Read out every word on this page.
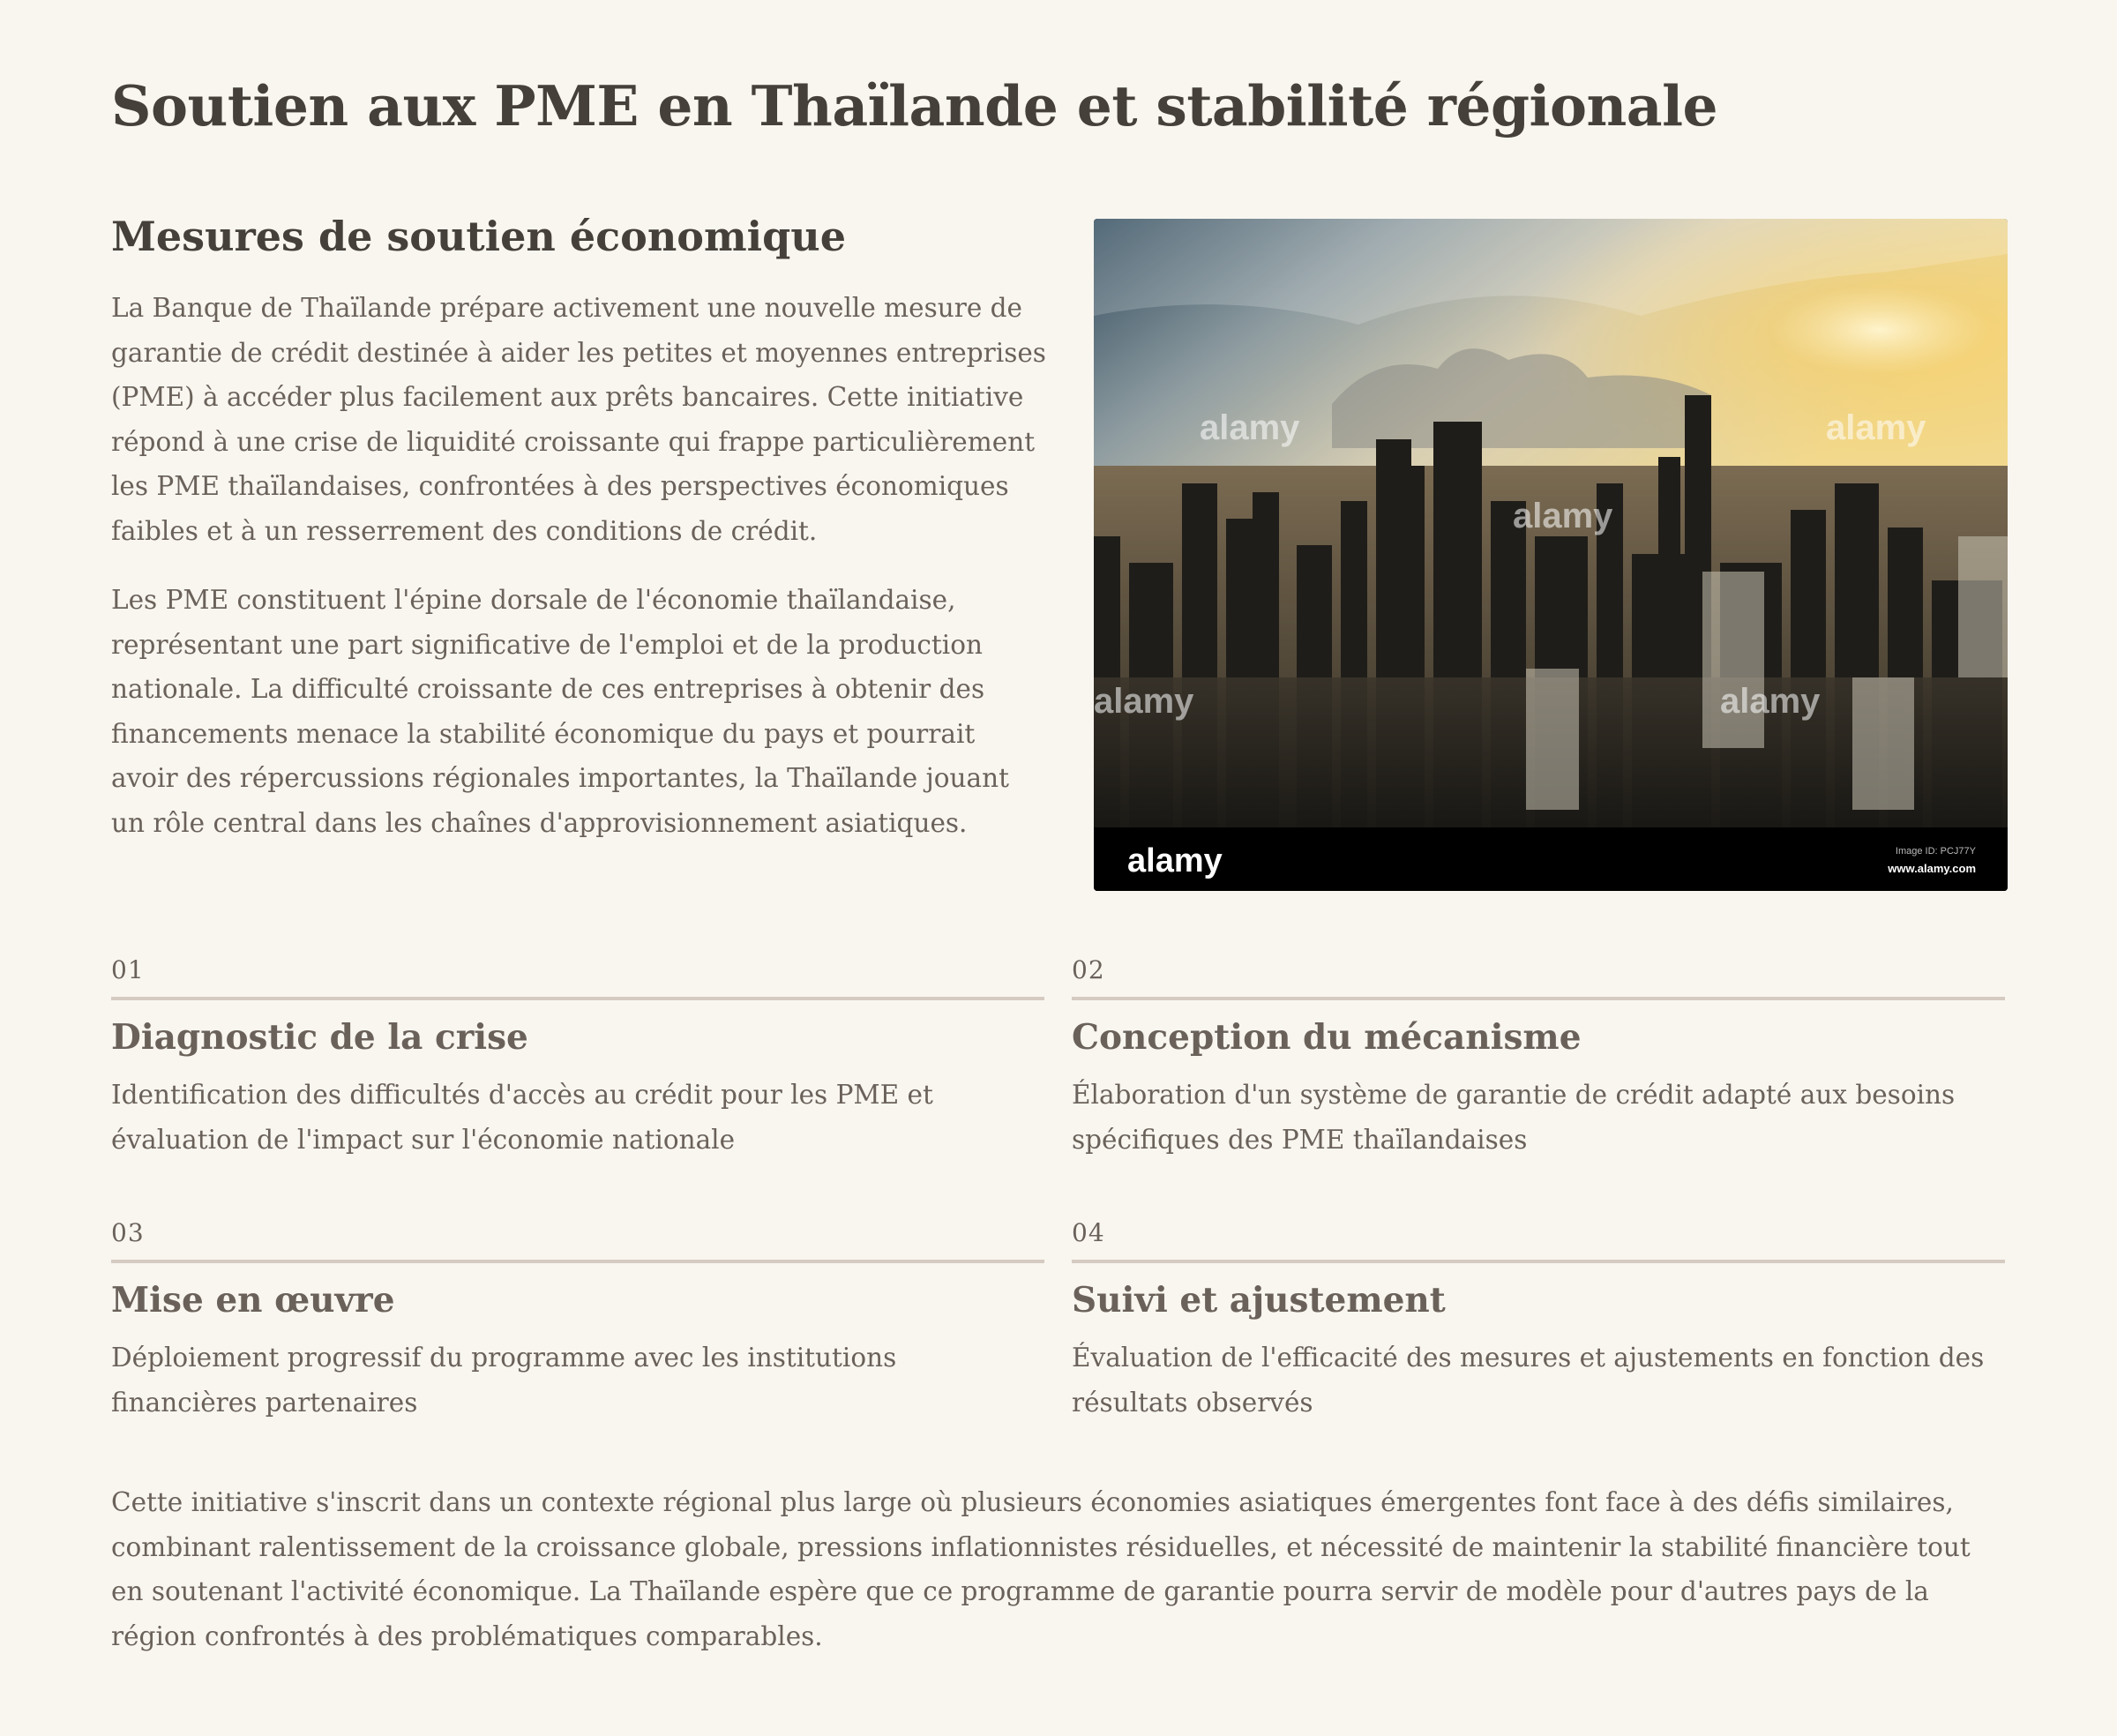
Soutien aux PME en Thaïlande et stabilité régionale
Mesures de soutien économique

La Banque de Thaïlande prépare activement une nouvelle mesure de garantie de crédit destinée à aider les petites et moyennes entreprises (PME) à accéder plus facilement aux prêts bancaires. Cette initiative répond à une crise de liquidité croissante qui frappe particulièrement les PME thaïlandaises, confrontées à des perspectives économiques faibles et à un resserrement des conditions de crédit.

Les PME constituent l'épine dorsale de l'économie thaïlandaise, représentant une part significative de l'emploi et de la production nationale. La difficulté croissante de ces entreprises à obtenir des financements menace la stabilité économique du pays et pourrait avoir des répercussions régionales importantes, la Thaïlande jouant un rôle central dans les chaînes d'approvisionnement asiatiques.

alamy
alamy
alamy
alamy	alamy
alamy	Image ID: PCJ77Y
www.alamy.com
01
Diagnostic de la crise

Identification des difficultés d'accès au crédit pour les PME et évaluation de l'impact sur l'économie nationale

02
Conception du mécanisme

Élaboration d'un système de garantie de crédit adapté aux besoins spécifiques des PME thaïlandaises

03
Mise en œuvre

Déploiement progressif du programme avec les institutions financières partenaires

04
Suivi et ajustement

Évaluation de l'efficacité des mesures et ajustements en fonction des résultats observés

Cette initiative s'inscrit dans un contexte régional plus large où plusieurs économies asiatiques émergentes font face à des défis similaires, combinant ralentissement de la croissance globale, pressions inflationnistes résiduelles, et nécessité de maintenir la stabilité financière tout en soutenant l'activité économique. La Thaïlande espère que ce programme de garantie pourra servir de modèle pour d'autres pays de la région confrontés à des problématiques comparables.
